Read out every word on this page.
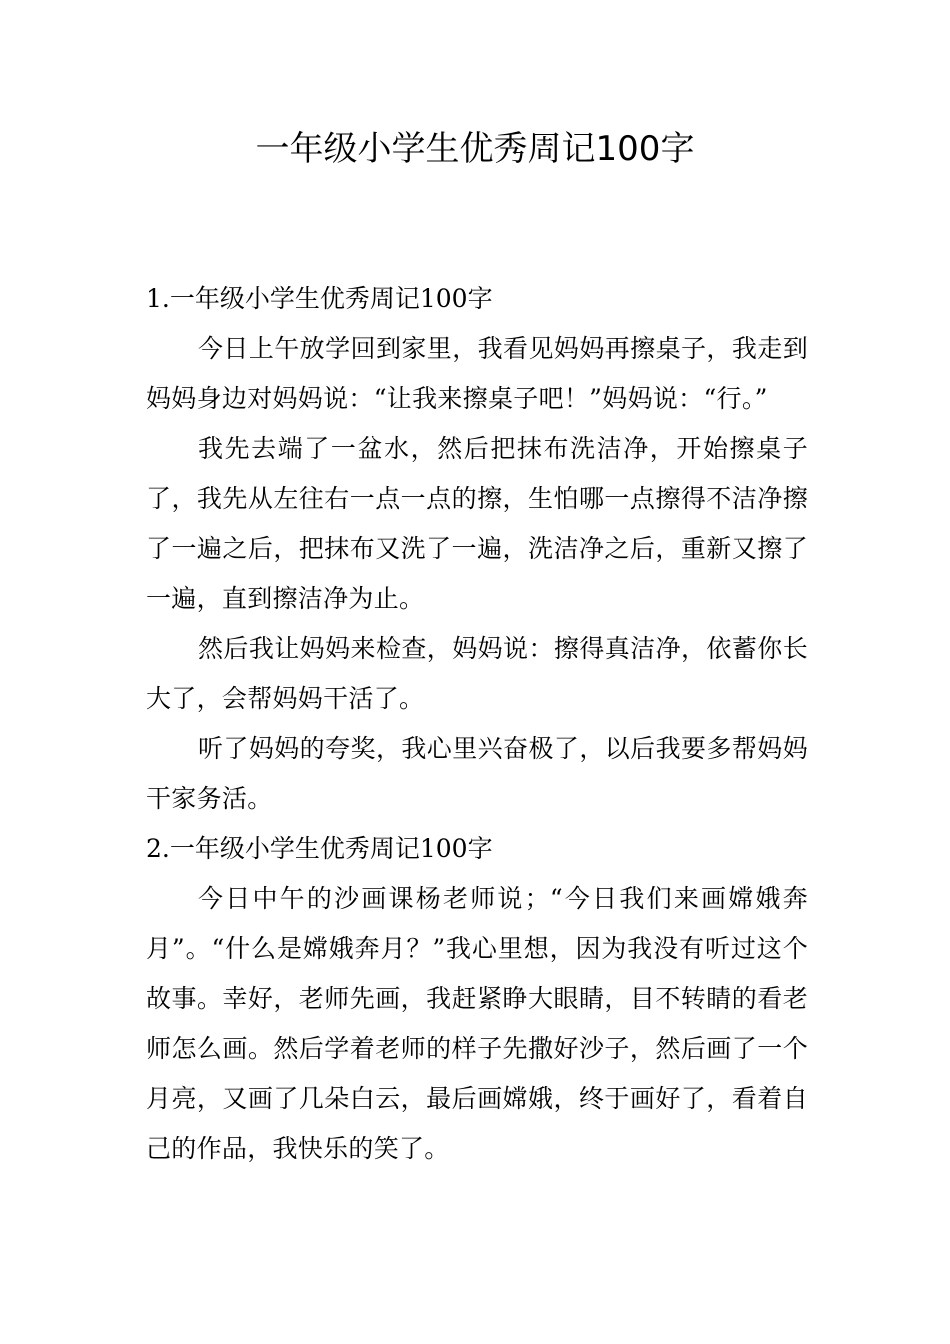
一年级小学生优秀周记100字

1.一年级小学生优秀周记100字

今日上午放学回到家里，我看见妈妈再擦桌子，我走到妈妈身边对妈妈说：“让我来擦桌子吧！”妈妈说：“行。”

我先去端了一盆水，然后把抹布洗洁净，开始擦桌子了，我先从左往右一点一点的擦，生怕哪一点擦得不洁净擦了一遍之后，把抹布又洗了一遍，洗洁净之后，重新又擦了一遍，直到擦洁净为止。

然后我让妈妈来检查，妈妈说：擦得真洁净，依蓄你长大了，会帮妈妈干活了。

听了妈妈的夸奖，我心里兴奋极了，以后我要多帮妈妈干家务活。

2.一年级小学生优秀周记100字

今日中午的沙画课杨老师说；“今日我们来画嫦娥奔月”。“什么是嫦娥奔月？”我心里想，因为我没有听过这个故事。幸好，老师先画，我赶紧睁大眼睛，目不转睛的看老师怎么画。然后学着老师的样子先撒好沙子，然后画了一个月亮，又画了几朵白云，最后画嫦娥，终于画好了，看着自己的作品，我快乐的笑了。
